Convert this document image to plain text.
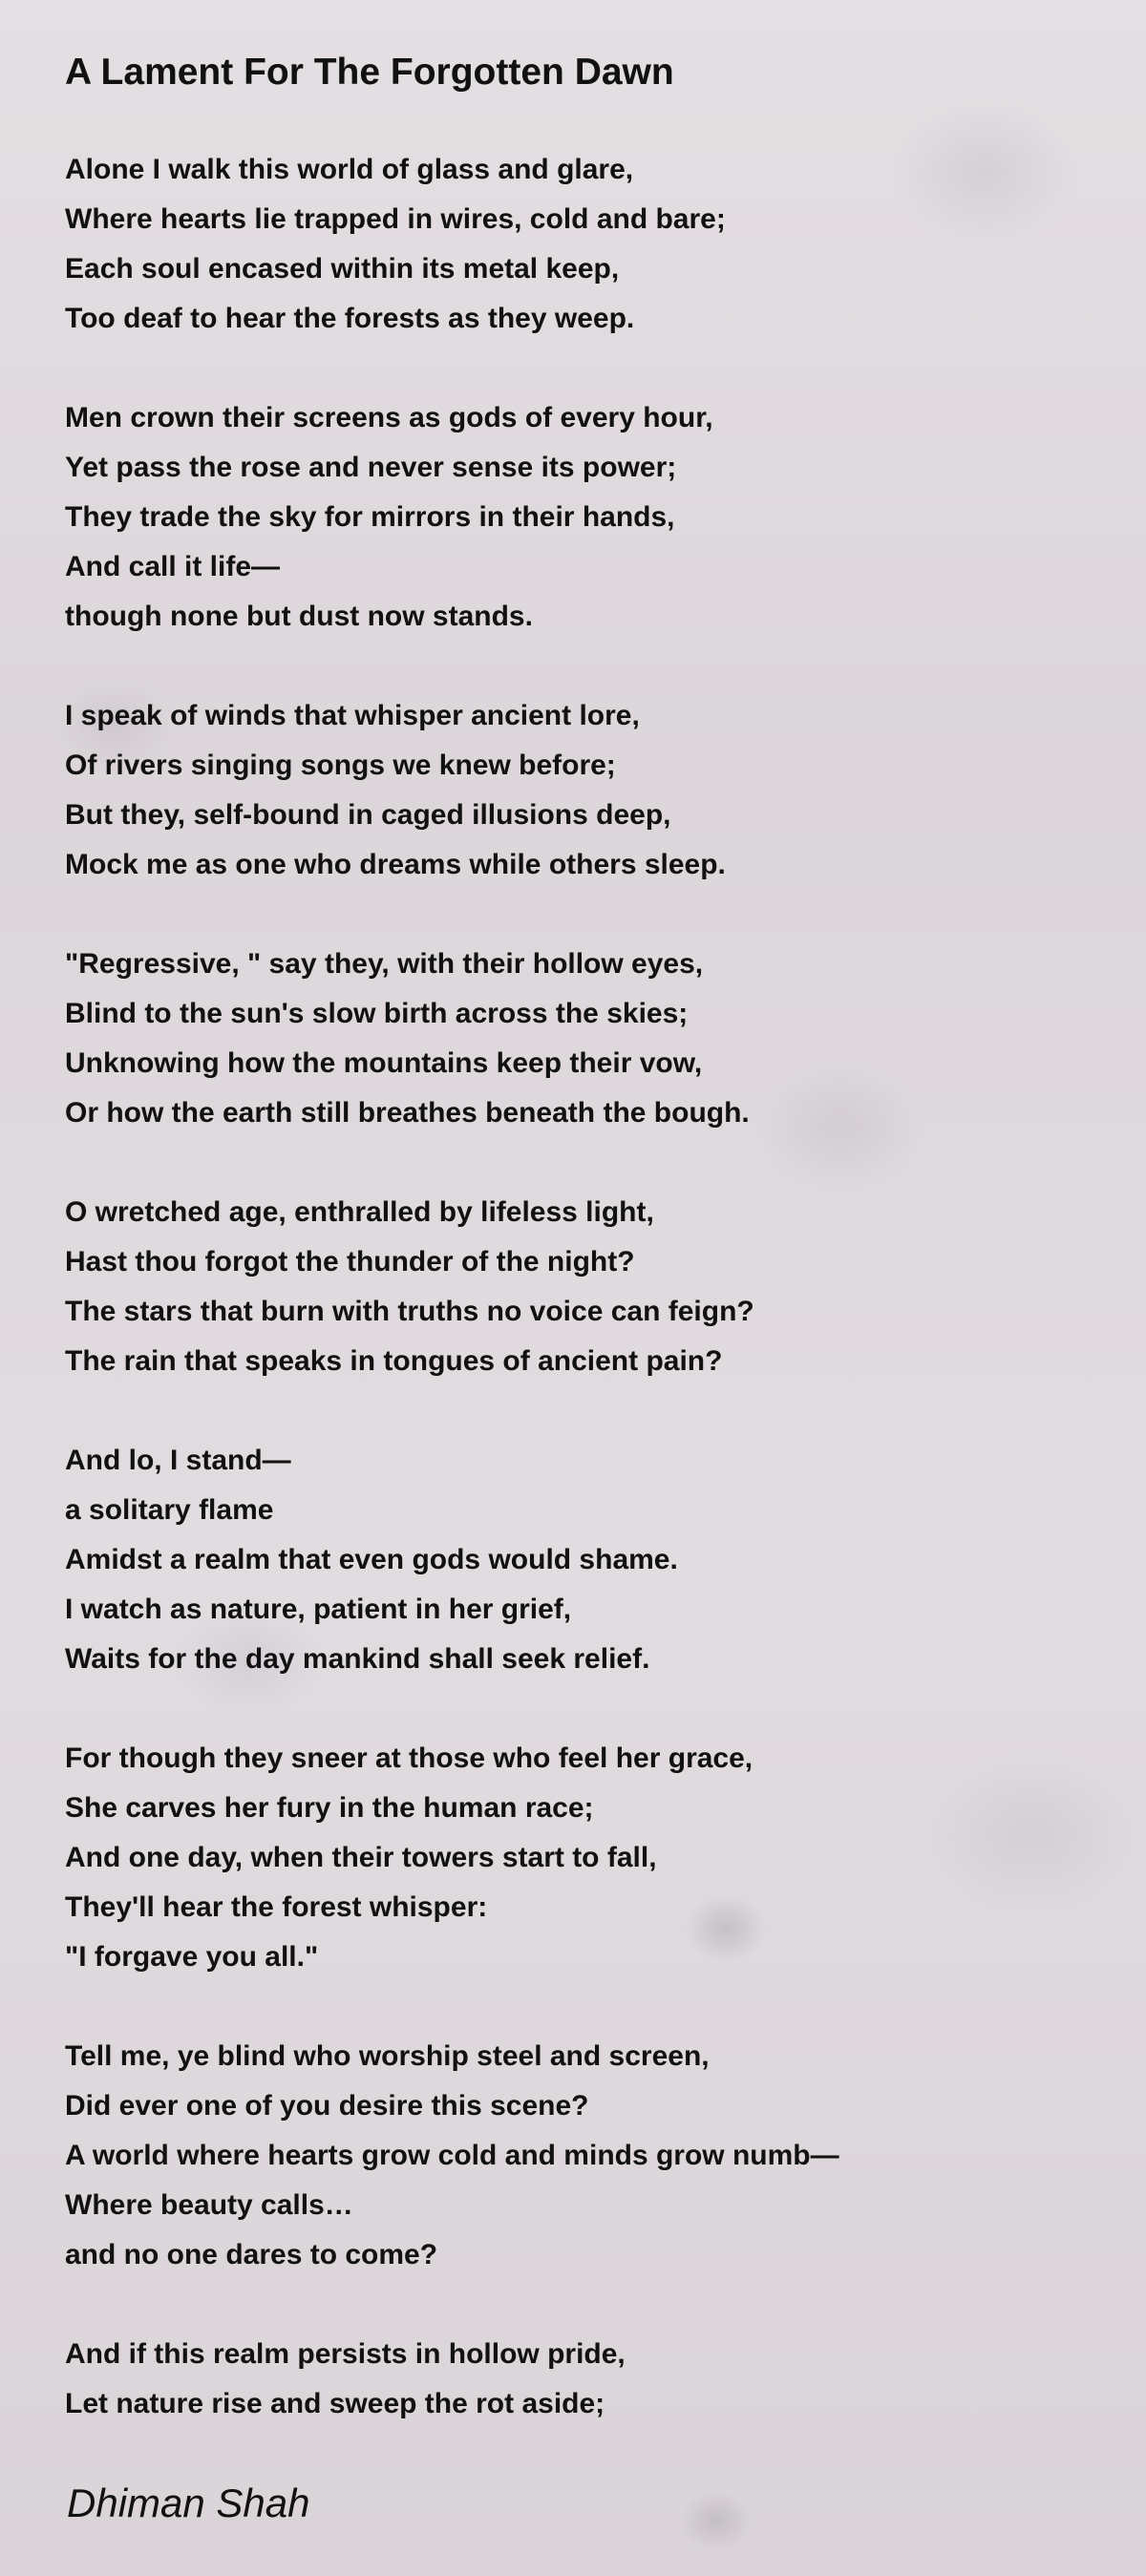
A Lament For The Forgotten Dawn

Alone I walk this world of glass and glare,
Where hearts lie trapped in wires, cold and bare;
Each soul encased within its metal keep,
Too deaf to hear the forests as they weep.

Men crown their screens as gods of every hour,
Yet pass the rose and never sense its power;
They trade the sky for mirrors in their hands,
And call it life—
though none but dust now stands.

I speak of winds that whisper ancient lore,
Of rivers singing songs we knew before;
But they, self-bound in caged illusions deep,
Mock me as one who dreams while others sleep.

"Regressive, " say they, with their hollow eyes,
Blind to the sun's slow birth across the skies;
Unknowing how the mountains keep their vow,
Or how the earth still breathes beneath the bough.

O wretched age, enthralled by lifeless light,
Hast thou forgot the thunder of the night?
The stars that burn with truths no voice can feign?
The rain that speaks in tongues of ancient pain?

And lo, I stand—
a solitary flame
Amidst a realm that even gods would shame.
I watch as nature, patient in her grief,
Waits for the day mankind shall seek relief.

For though they sneer at those who feel her grace,
She carves her fury in the human race;
And one day, when their towers start to fall,
They'll hear the forest whisper:
"I forgave you all."

Tell me, ye blind who worship steel and screen,
Did ever one of you desire this scene?
A world where hearts grow cold and minds grow numb—
Where beauty calls…
and no one dares to come?

And if this realm persists in hollow pride,
Let nature rise and sweep the rot aside;

Dhiman Shah
